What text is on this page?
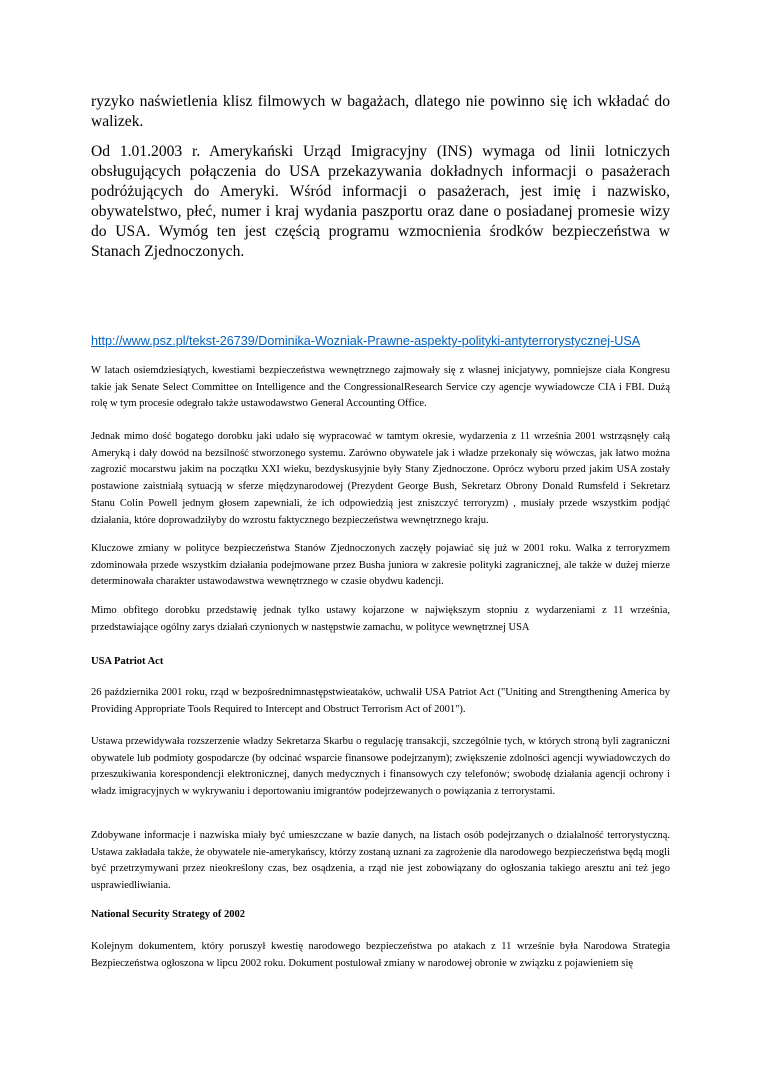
ryzyko naświetlenia klisz filmowych w bagażach, dlatego nie powinno się ich wkładać do walizek.

Od 1.01.2003 r. Amerykański Urząd Imigracyjny (INS) wymaga od linii lotniczych obsługujących połączenia do USA przekazywania dokładnych informacji o pasażerach podróżujących do Ameryki. Wśród informacji o pasażerach, jest imię i nazwisko, obywatelstwo, płeć, numer i kraj wydania paszportu oraz dane o posiadanej promesie wizy do USA. Wymóg ten jest częścią programu wzmocnienia środków bezpieczeństwa w Stanach Zjednoczonych.

http://www.psz.pl/tekst-26739/Dominika-Wozniak-Prawne-aspekty-polityki-antyterrorystycznej-USA

W latach osiemdziesiątych, kwestiami bezpieczeństwa wewnętrznego zajmowały się z własnej inicjatywy, pomniejsze ciała Kongresu takie jak Senate Select Committee on Intelligence and the CongressionalResearch Service czy agencje wywiadowcze CIA i FBI. Dużą rolę w tym procesie odegrało także ustawodawstwo General Accounting Office.

Jednak mimo dość bogatego dorobku jaki udało się wypracować w tamtym okresie, wydarzenia z 11 września 2001 wstrząsnęły całą Ameryką i dały dowód na bezsilność stworzonego systemu. Zarówno obywatele jak i władze przekonały się wówczas, jak łatwo można zagrozić mocarstwu jakim na początku XXI wieku, bezdyskusyjnie były Stany Zjednoczone. Oprócz wyboru przed jakim USA zostały postawione zaistniałą sytuacją w sferze międzynarodowej (Prezydent George Bush, Sekretarz Obrony Donald Rumsfeld i Sekretarz Stanu Colin Powell jednym głosem zapewniali, że ich odpowiedzią jest zniszczyć terroryzm) , musiały przede wszystkim podjąć działania, które doprowadziłyby do wzrostu faktycznego bezpieczeństwa wewnętrznego kraju.

Kluczowe zmiany w polityce bezpieczeństwa Stanów Zjednoczonych zaczęły pojawiać się już w 2001 roku. Walka z terroryzmem zdominowała przede wszystkim działania podejmowane przez Busha juniora w zakresie polityki zagranicznej, ale także w dużej mierze determinowała charakter ustawodawstwa wewnętrznego w czasie obydwu kadencji.

Mimo obfitego dorobku przedstawię jednak tylko ustawy kojarzone w największym stopniu z wydarzeniami z 11 września, przedstawiające ogólny zarys działań czynionych w następstwie zamachu, w polityce wewnętrznej USA

USA Patriot Act

26 października 2001 roku, rząd w bezpośrednimnastępstwieataków, uchwalił USA Patriot Act ("Uniting and Strengthening America by Providing Appropriate Tools Required to Intercept and Obstruct Terrorism Act of 2001").

Ustawa przewidywała rozszerzenie władzy Sekretarza Skarbu o regulację transakcji, szczególnie tych, w których stroną byli zagraniczni obywatele lub podmioty gospodarcze (by odcinać wsparcie finansowe podejrzanym); zwiększenie zdolności agencji wywiadowczych do przeszukiwania korespondencji elektronicznej, danych medycznych i finansowych czy telefonów; swobodę działania agencji ochrony i władz imigracyjnych w wykrywaniu i deportowaniu imigrantów podejrzewanych o powiązania z terrorystami.

Zdobywane informacje i nazwiska miały być umieszczane w bazie danych, na listach osób podejrzanych o działalność terrorystyczną. Ustawa zakładała także, że obywatele nie-amerykańscy, którzy zostaną uznani za zagrożenie dla narodowego bezpieczeństwa będą mogli być przetrzymywani przez nieokreślony czas, bez osądzenia, a rząd nie jest zobowiązany do ogłoszania takiego aresztu ani też jego usprawiedliwiania.

National Security Strategy of 2002

Kolejnym dokumentem, który poruszył kwestię narodowego bezpieczeństwa po atakach z 11 wrześnie była Narodowa Strategia Bezpieczeństwa ogłoszona w lipcu 2002 roku. Dokument postulował zmiany w narodowej obronie w związku z pojawieniem się
